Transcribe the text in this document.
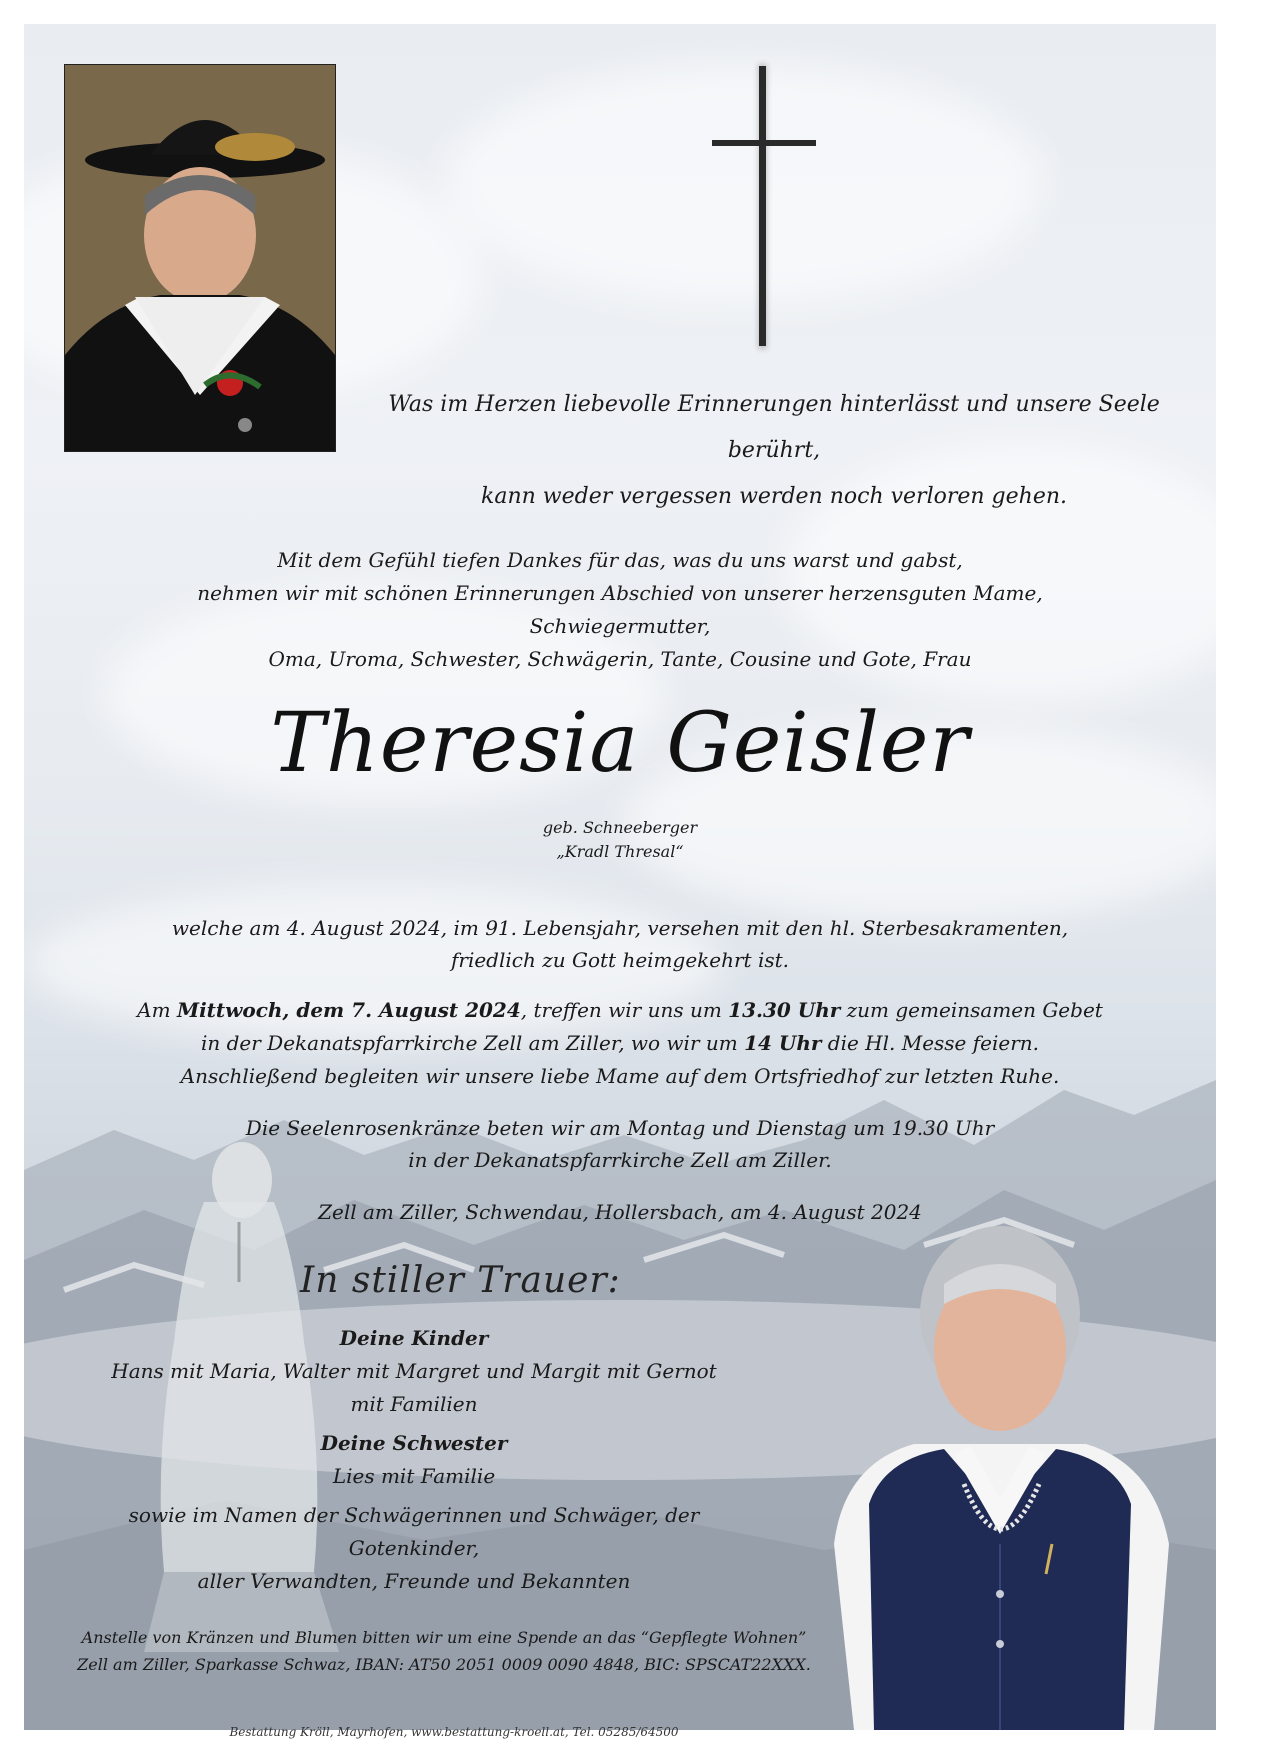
Was im Herzen liebevolle Erinnerungen hinterlässt und unsere Seele berührt,
kann weder vergessen werden noch verloren gehen.
Mit dem Gefühl tiefen Dankes für das, was du uns warst und gabst,
nehmen wir mit schönen Erinnerungen Abschied von unserer herzensguten Mame, Schwiegermutter,
Oma, Uroma, Schwester, Schwägerin, Tante, Cousine und Gote, Frau
Theresia Geisler
geb. Schneeberger
„Kradl Thresal“
welche am 4. August 2024, im 91. Lebensjahr, versehen mit den hl. Sterbesakramenten,
friedlich zu Gott heimgekehrt ist.
Am Mittwoch, dem 7. August 2024, treffen wir uns um 13.30 Uhr zum gemeinsamen Gebet
in der Dekanatspfarrkirche Zell am Ziller, wo wir um 14 Uhr die Hl. Messe feiern.
Anschließend begleiten wir unsere liebe Mame auf dem Ortsfriedhof zur letzten Ruhe.
Die Seelenrosenkränze beten wir am Montag und Dienstag um 19.30 Uhr
in der Dekanatspfarrkirche Zell am Ziller.
Zell am Ziller, Schwendau, Hollersbach, am 4. August 2024
In stiller Trauer:
Deine Kinder
Hans mit Maria, Walter mit Margret und Margit mit Gernot
mit Familien
Deine Schwester
Lies mit Familie
sowie im Namen der Schwägerinnen und Schwäger, der Gotenkinder,
aller Verwandten, Freunde und Bekannten
Anstelle von Kränzen und Blumen bitten wir um eine Spende an das “Gepflegte Wohnen”
Zell am Ziller, Sparkasse Schwaz, IBAN: AT50 2051 0009 0090 4848, BIC: SPSCAT22XXX.
Bestattung Kröll, Mayrhofen, www.bestattung-kroell.at, Tel. 05285/64500
